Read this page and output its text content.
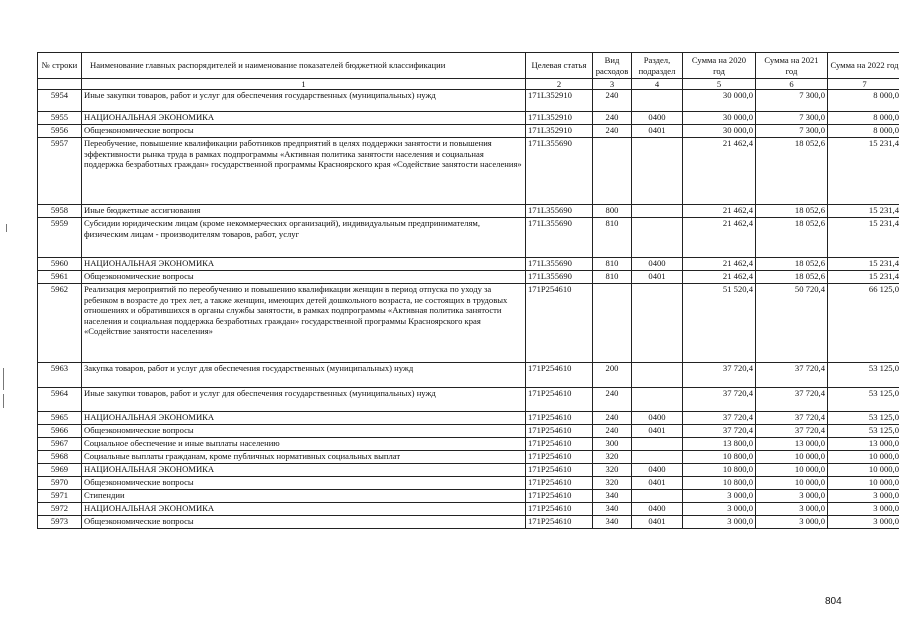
№ строки	Наименование главных распорядителей и наименование показателей бюджетной классификации	Целевая статья	Вид расходов	Раздел, подраздел	Сумма на 2020 год	Сумма на 2021 год	Сумма на 2022 год
	1	2	3	4	5	6	7
5954	Иные закупки товаров, работ и услуг для обеспечения государственных (муниципальных) нужд	171L352910	240		30 000,0	7 300,0	8 000,0
5955	НАЦИОНАЛЬНАЯ ЭКОНОМИКА	171L352910	240	0400	30 000,0	7 300,0	8 000,0
5956	Общеэкономические вопросы	171L352910	240	0401	30 000,0	7 300,0	8 000,0
5957	Переобучение, повышение квалификации работников предприятий в целях поддержки занятости и повышения эффективности рынка труда в рамках подпрограммы «Активная политика занятости населения и социальная поддержка безработных граждан» государственной программы Красноярского края «Содействие занятости населения»	171L355690			21 462,4	18 052,6	15 231,4
5958	Иные бюджетные ассигнования	171L355690	800		21 462,4	18 052,6	15 231,4
5959	Субсидии юридическим лицам (кроме некоммерческих организаций), индивидуальным предпринимателям, физическим лицам - производителям товаров, работ, услуг	171L355690	810		21 462,4	18 052,6	15 231,4
5960	НАЦИОНАЛЬНАЯ ЭКОНОМИКА	171L355690	810	0400	21 462,4	18 052,6	15 231,4
5961	Общеэкономические вопросы	171L355690	810	0401	21 462,4	18 052,6	15 231,4
5962	Реализация мероприятий по переобучению и повышению квалификации женщин в период отпуска по уходу за ребенком в возрасте до трех лет, а также женщин, имеющих детей дошкольного возраста, не состоящих в трудовых отношениях и обратившихся в органы службы занятости, в рамках подпрограммы «Активная политика занятости населения и социальная поддержка безработных граждан» государственной программы Красноярского края «Содействие занятости населения»	171P254610			51 520,4	50 720,4	66 125,0
5963	Закупка товаров, работ и услуг для обеспечения государственных (муниципальных) нужд	171P254610	200		37 720,4	37 720,4	53 125,0
5964	Иные закупки товаров, работ и услуг для обеспечения государственных (муниципальных) нужд	171P254610	240		37 720,4	37 720,4	53 125,0
5965	НАЦИОНАЛЬНАЯ ЭКОНОМИКА	171P254610	240	0400	37 720,4	37 720,4	53 125,0
5966	Общеэкономические вопросы	171P254610	240	0401	37 720,4	37 720,4	53 125,0
5967	Социальное обеспечение и иные выплаты населению	171P254610	300		13 800,0	13 000,0	13 000,0
5968	Социальные выплаты гражданам, кроме публичных нормативных социальных выплат	171P254610	320		10 800,0	10 000,0	10 000,0
5969	НАЦИОНАЛЬНАЯ ЭКОНОМИКА	171P254610	320	0400	10 800,0	10 000,0	10 000,0
5970	Общеэкономические вопросы	171P254610	320	0401	10 800,0	10 000,0	10 000,0
5971	Стипендии	171P254610	340		3 000,0	3 000,0	3 000,0
5972	НАЦИОНАЛЬНАЯ ЭКОНОМИКА	171P254610	340	0400	3 000,0	3 000,0	3 000,0
5973	Общеэкономические вопросы	171P254610	340	0401	3 000,0	3 000,0	3 000,0
804
